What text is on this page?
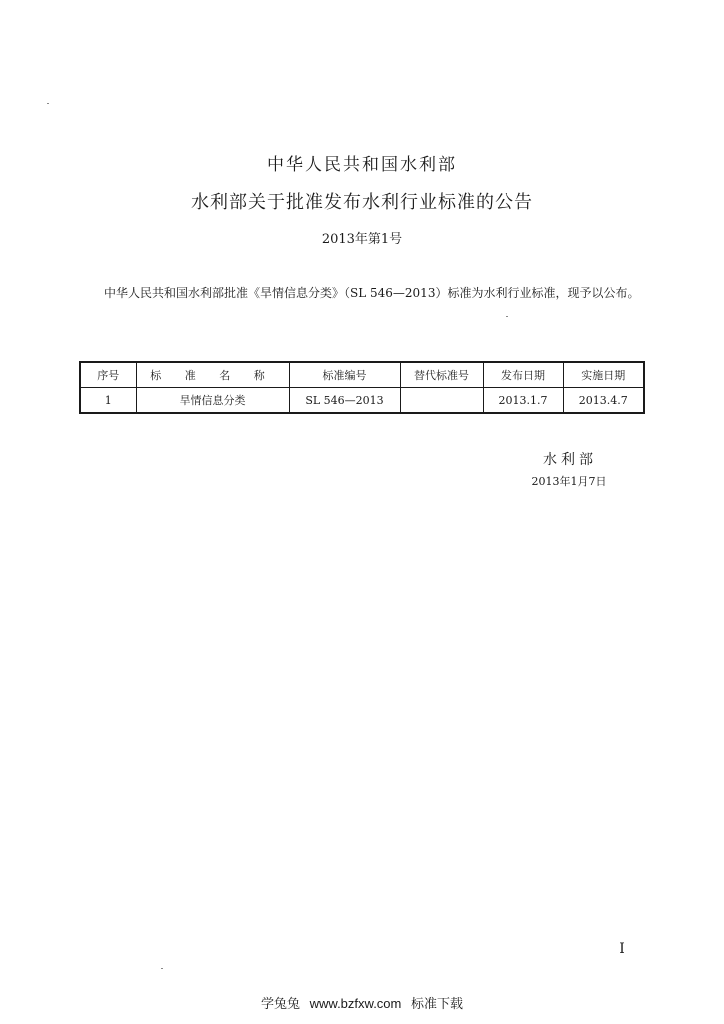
中华人民共和国水利部
水利部关于批准发布水利行业标准的公告
2013年第1号

中华人民共和国水利部批准《旱情信息分类》（SL 546—2013）标准为水利行业标准，现予以公布。

序号	标 准 名 称	标准编号	替代标准号	发布日期	实施日期
1	旱情信息分类	SL 546—2013		2013.1.7	2013.4.7
水利部
2013年1月7日
I
学兔兔 www.bzfxw.com 标准下载
